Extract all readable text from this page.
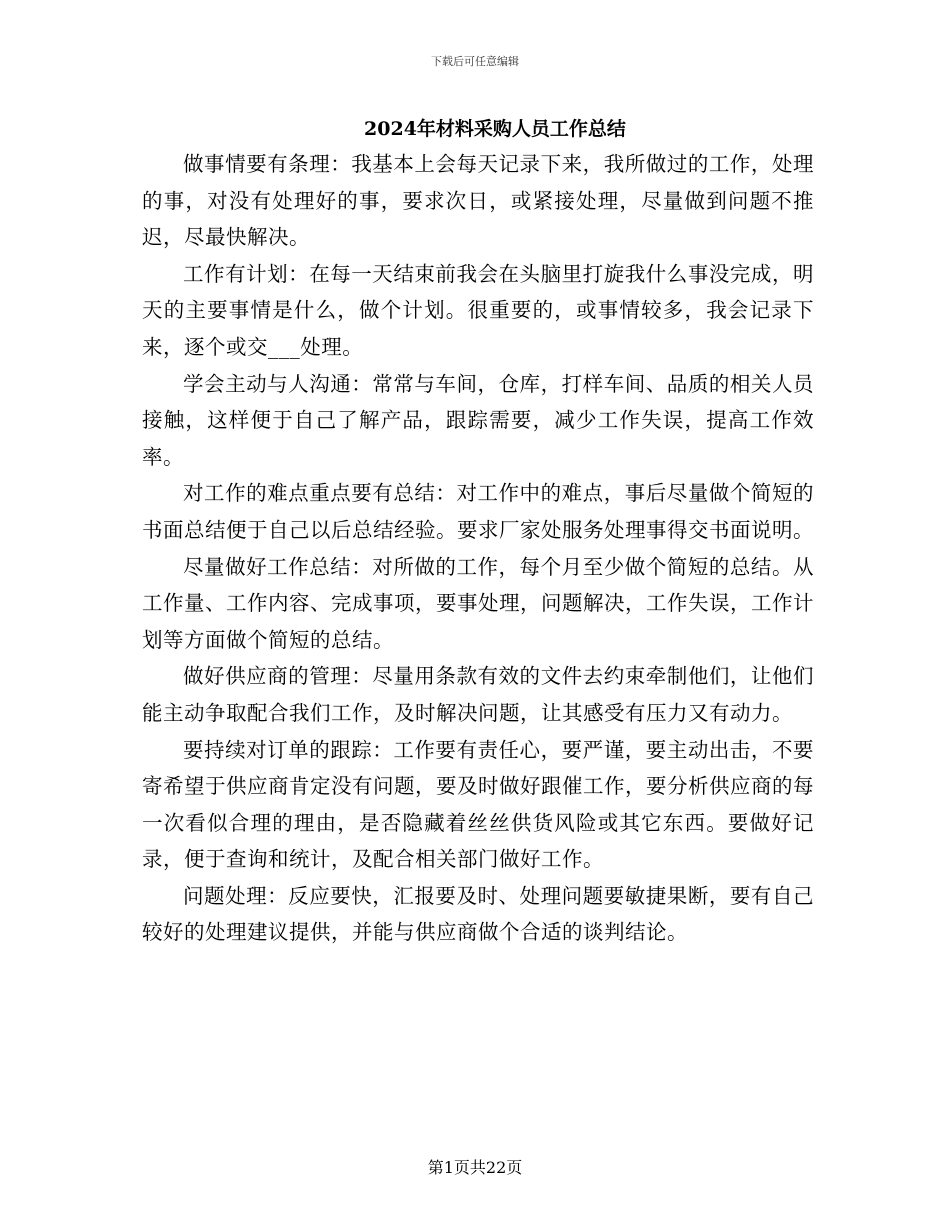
下载后可任意编辑
2024年材料采购人员工作总结

做事情要有条理：我基本上会每天记录下来，我所做过的工作，处理的事，对没有处理好的事，要求次日，或紧接处理，尽量做到问题不推迟，尽最快解决。

工作有计划：在每一天结束前我会在头脑里打旋我什么事没完成，明天的主要事情是什么，做个计划。很重要的，或事情较多，我会记录下来，逐个或交___处理。

学会主动与人沟通：常常与车间，仓库，打样车间、品质的相关人员接触，这样便于自己了解产品，跟踪需要，减少工作失误，提高工作效率。

对工作的难点重点要有总结：对工作中的难点，事后尽量做个简短的书面总结便于自己以后总结经验。要求厂家处服务处理事得交书面说明。

尽量做好工作总结：对所做的工作，每个月至少做个简短的总结。从工作量、工作内容、完成事项，要事处理，问题解决，工作失误，工作计划等方面做个简短的总结。

做好供应商的管理：尽量用条款有效的文件去约束牵制他们，让他们能主动争取配合我们工作，及时解决问题，让其感受有压力又有动力。

要持续对订单的跟踪：工作要有责任心，要严谨，要主动出击，不要寄希望于供应商肯定没有问题，要及时做好跟催工作，要分析供应商的每一次看似合理的理由，是否隐藏着丝丝供货风险或其它东西。要做好记录，便于查询和统计，及配合相关部门做好工作。

问题处理：反应要快，汇报要及时、处理问题要敏捷果断，要有自己较好的处理建议提供，并能与供应商做个合适的谈判结论。

第1页共22页
